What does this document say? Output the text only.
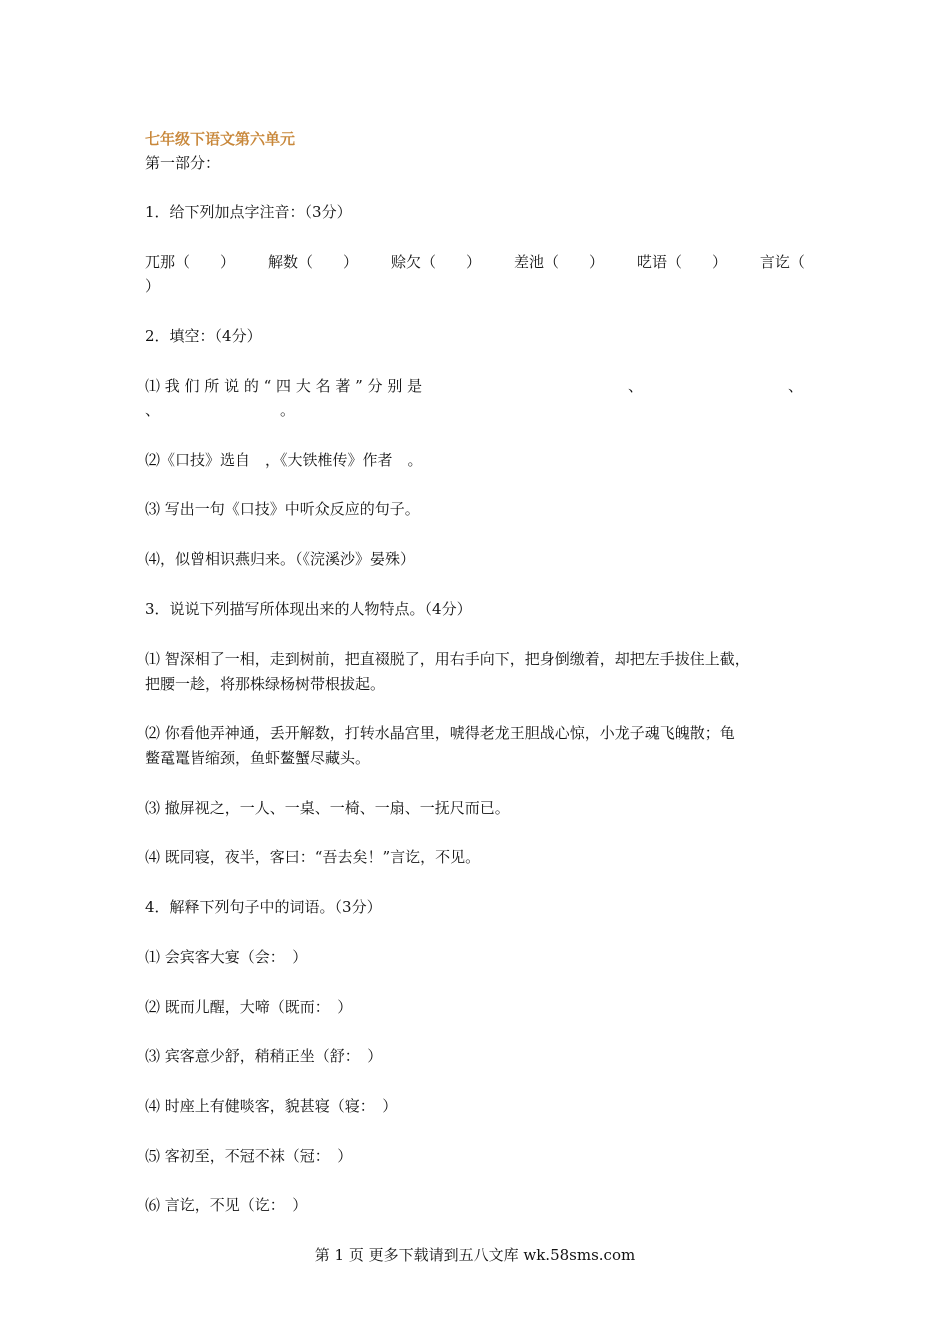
七年级下语文第六单元
第一部分：
1．给下列加点字注音：（3分）
兀那（　　） 解数（　　） 赊欠（　　） 差池（　　） 呓语（　　） 言讫（
）
2．填空：（4分）
⑴ 我 们 所 说 的 “ 四 大 名 著 ” 分 别 是	、	、
、	。
⑵《口技》选自　，《大铁椎传》作者　。
⑶ 写出一句《口技》中听众反应的句子。
⑷，似曾相识燕归来。（《浣溪沙》晏殊）
3．说说下列描写所体现出来的人物特点。（4分）
⑴ 智深相了一相，走到树前，把直裰脱了，用右手向下，把身倒缴着，却把左手拔住上截，
把腰一趁，将那株绿杨树带根拔起。
⑵ 你看他弄神通，丢开解数，打转水晶宫里，唬得老龙王胆战心惊，小龙子魂飞魄散；龟
鳖鼋鼍皆缩颈，鱼虾鳌蟹尽藏头。
⑶ 撤屏视之，一人、一桌、一椅、一扇、一抚尺而已。
⑷ 既同寝，夜半，客曰：“吾去矣！”言讫，不见。
4．解释下列句子中的词语。（3分）
⑴ 会宾客大宴（会：　）
⑵ 既而儿醒，大啼（既而：　）
⑶ 宾客意少舒，稍稍正坐（舒：　）
⑷ 时座上有健啖客，貌甚寝（寝：　）
⑸ 客初至，不冠不袜（冠：　）
⑹ 言讫，不见（讫：　）
第 1 页 更多下载请到五八文库 wk.58sms.com
